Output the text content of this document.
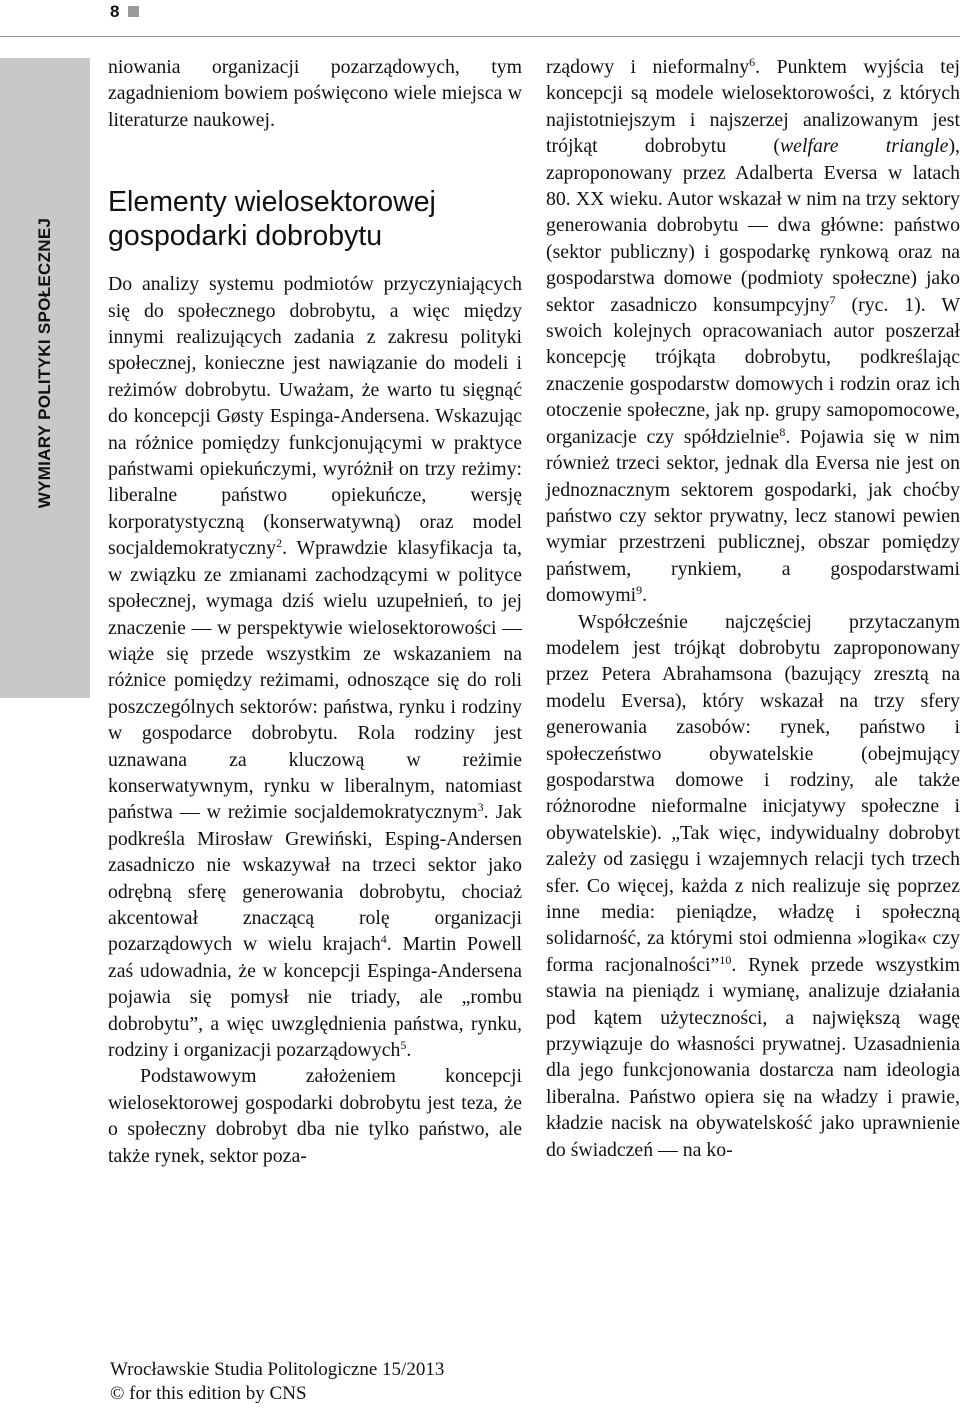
8
WYMIARY POLITYKI SPOŁECZNEJ

niowania organizacji pozarządowych, tym zagadnieniom bowiem poświęcono wiele miejsca w literaturze naukowej.

Elementy wielosektorowej gospodarki dobrobytu

Do analizy systemu podmiotów przyczyniających się do społecznego dobrobytu, a więc między innymi realizujących zadania z zakresu polityki społecznej, konieczne jest nawiązanie do modeli i reżimów dobrobytu. Uważam, że warto tu sięgnąć do koncepcji Gøsty Espinga-Andersena. Wskazując na różnice pomiędzy funkcjonującymi w praktyce państwami opiekuńczymi, wyróżnił on trzy reżimy: liberalne państwo opiekuńcze, wersję korporatystyczną (konserwatywną) oraz model socjaldemokratyczny$^2$. Wprawdzie klasyfikacja ta, w związku ze zmianami zachodzącymi w polityce społecznej, wymaga dziś wielu uzupełnień, to jej znaczenie — w perspektywie wielosektorowości — wiąże się przede wszystkim ze wskazaniem na różnice pomiędzy reżimami, odnoszące się do roli poszczególnych sektorów: państwa, rynku i rodziny w gospodarce dobrobytu. Rola rodziny jest uznawana za kluczową w reżimie konserwatywnym, rynku w liberalnym, natomiast państwa — w reżimie socjaldemokratycznym$^3$. Jak podkreśla Mirosław Grewiński, Esping-Andersen zasadniczo nie wskazywał na trzeci sektor jako odrębną sferę generowania dobrobytu, chociaż akcentował znaczącą rolę organizacji pozarządowych w wielu krajach$^4$. Martin Powell zaś udowadnia, że w koncepcji Espinga-Andersena pojawia się pomysł nie triady, ale „rombu dobrobytu”, a więc uwzględnienia państwa, rynku, rodziny i organizacji pozarządowych$^5$.

Podstawowym założeniem koncepcji wielosektorowej gospodarki dobrobytu jest teza, że o społeczny dobrobyt dba nie tylko państwo, ale także rynek, sektor poza-

rządowy i nieformalny$^6$. Punktem wyjścia tej koncepcji są modele wielosektorowości, z których najistotniejszym i najszerzej analizowanym jest trójkąt dobrobytu (welfare triangle), zaproponowany przez Adalberta Eversa w latach 80. XX wieku. Autor wskazał w nim na trzy sektory generowania dobrobytu — dwa główne: państwo (sektor publiczny) i gospodarkę rynkową oraz na gospodarstwa domowe (podmioty społeczne) jako sektor zasadniczo konsumpcyjny$^7$ (ryc. 1). W swoich kolejnych opracowaniach autor poszerzał koncepcję trójkąta dobrobytu, podkreślając znaczenie gospodarstw domowych i rodzin oraz ich otoczenie społeczne, jak np. grupy samopomocowe, organizacje czy spółdzielnie$^8$. Pojawia się w nim również trzeci sektor, jednak dla Eversa nie jest on jednoznacznym sektorem gospodarki, jak choćby państwo czy sektor prywatny, lecz stanowi pewien wymiar przestrzeni publicznej, obszar pomiędzy państwem, rynkiem, a gospodarstwami domowymi$^9$.

Współcześnie najczęściej przytaczanym modelem jest trójkąt dobrobytu zaproponowany przez Petera Abrahamsona (bazujący zresztą na modelu Eversa), który wskazał na trzy sfery generowania zasobów: rynek, państwo i społeczeństwo obywatelskie (obejmujący gospodarstwa domowe i rodziny, ale także różnorodne nieformalne inicjatywy społeczne i obywatelskie). „Tak więc, indywidualny dobrobyt zależy od zasięgu i wzajemnych relacji tych trzech sfer. Co więcej, każda z nich realizuje się poprzez inne media: pieniądze, władzę i społeczną solidarność, za którymi stoi odmienna »logika« czy forma racjonalności”$^{10}$. Rynek przede wszystkim stawia na pieniądz i wymianę, analizuje działania pod kątem użyteczności, a największą wagę przywiązuje do własności prywatnej. Uzasadnienia dla jego funkcjonowania dostarcza nam ideologia liberalna. Państwo opiera się na władzy i prawie, kładzie nacisk na obywatelskość jako uprawnienie do świadczeń — na ko-

Wrocławskie Studia Politologiczne 15/2013
© for this edition by CNS
